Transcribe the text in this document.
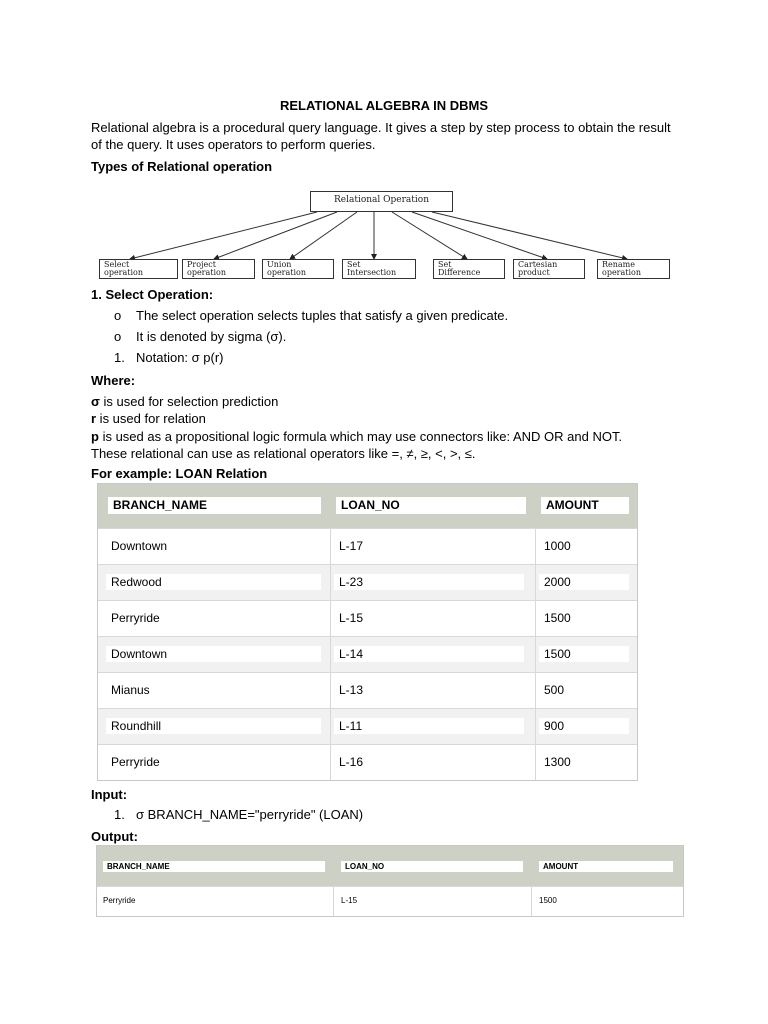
RELATIONAL ALGEBRA IN DBMS
Relational algebra is a procedural query language. It gives a step by step process to obtain the result of the query. It uses operators to perform queries.
Types of Relational operation
Relational Operation
Select
operation
Project
operation
Union
operation
Set
Intersection
Set
Difference
Cartesian
product
Rename
operation
1. Select Operation:
o The select operation selects tuples that satisfy a given predicate.
o It is denoted by sigma (σ).
1. Notation: σ p(r)
Where:
σ is used for selection prediction
r is used for relation
p is used as a propositional logic formula which may use connectors like: AND OR and NOT. These relational can use as relational operators like =, ≠, ≥, <, >, ≤.
For example: LOAN Relation
BRANCH_NAME	LOAN_NO	AMOUNT
Downtown	L-17	1000
Redwood	L-23	2000
Perryride	L-15	1500
Downtown	L-14	1500
Mianus	L-13	500
Roundhill	L-11	900
Perryride	L-16	1300
Input:
1. σ BRANCH_NAME="perryride" (LOAN)
Output:
BRANCH_NAME	LOAN_NO	AMOUNT
Perryride	L-15	1500
